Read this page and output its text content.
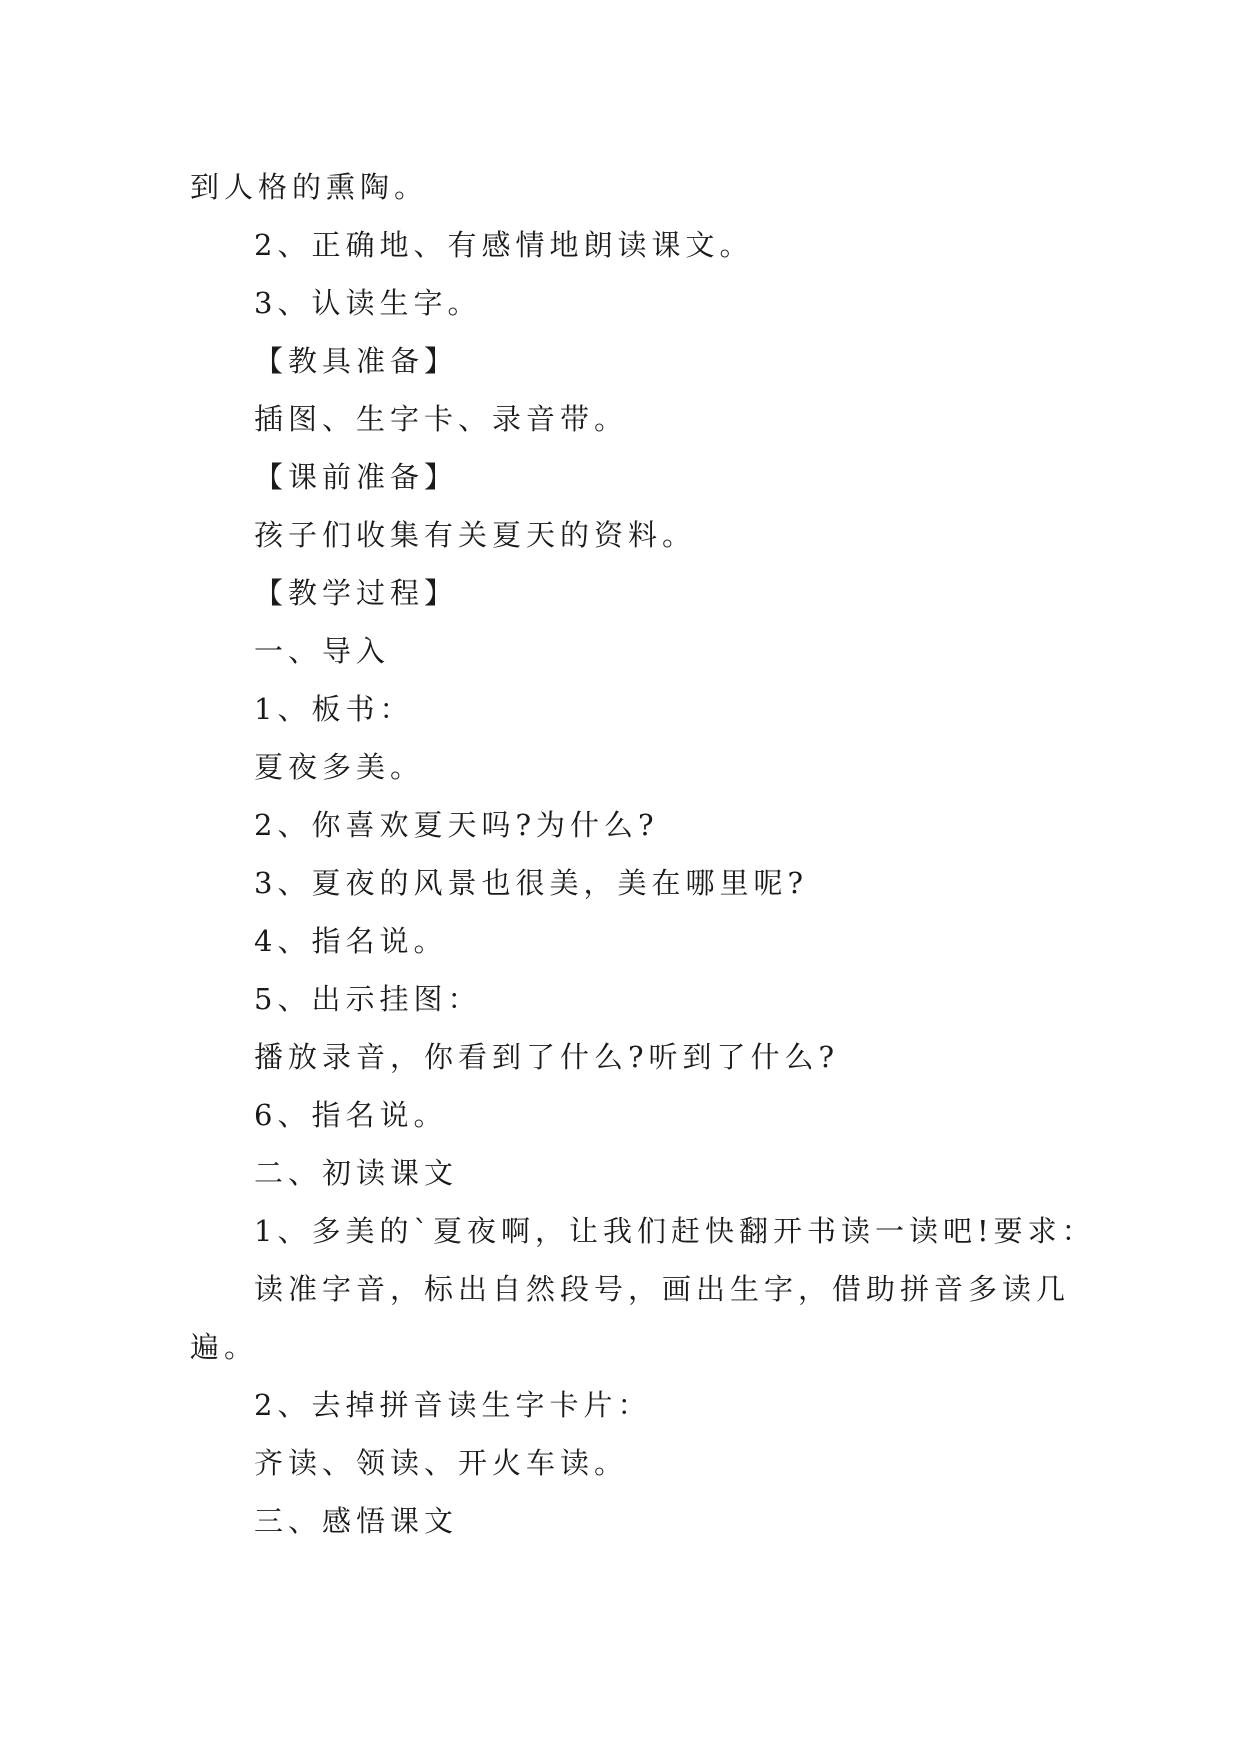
到人格的熏陶。
2、正确地、有感情地朗读课文。
3、认读生字。
【教具准备】
插图、生字卡、录音带。
【课前准备】
孩子们收集有关夏天的资料。
【教学过程】
一、导入
1、板书：
夏夜多美。
2、你喜欢夏天吗?为什么?
3、夏夜的风景也很美，美在哪里呢?
4、指名说。
5、出示挂图：
播放录音，你看到了什么?听到了什么?
6、指名说。
二、初读课文
1、多美的`夏夜啊，让我们赶快翻开书读一读吧!要求：
读准字音，标出自然段号，画出生字，借助拼音多读几
遍。
2、去掉拼音读生字卡片：
齐读、领读、开火车读。
三、感悟课文
